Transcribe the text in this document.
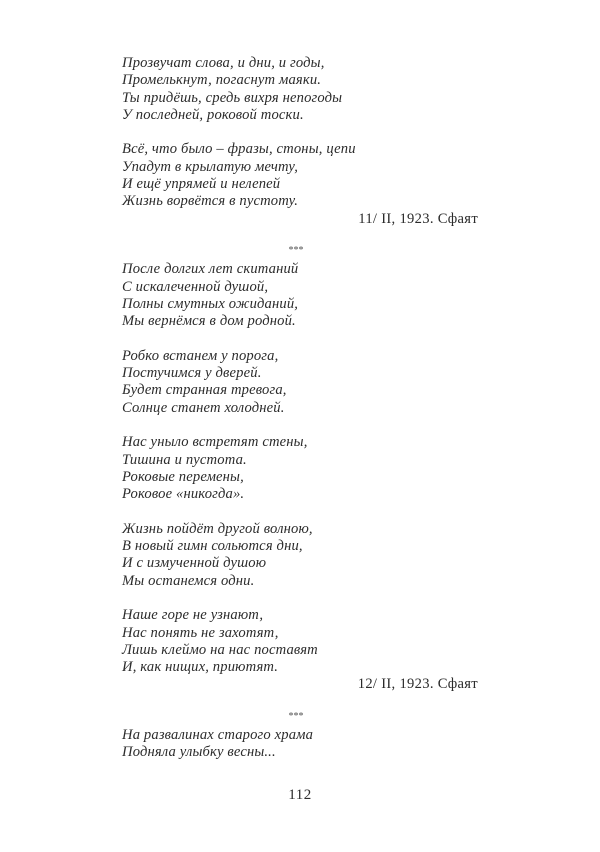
Прозвучат слова, и дни, и годы,
Промелькнут, погаснут маяки.
Ты придёшь, средь вихря непогоды
У последней, роковой тоски.
Всё, что было – фразы, стоны, цепи
Упадут в крылатую мечту,
И ещё упрямей и нелепей
Жизнь ворвётся в пустоту.
11/ II, 1923. Сфаят
***
После долгих лет скитаний
С искалеченной душой,
Полны смутных ожиданий,
Мы вернёмся в дом родной.
Робко встанем у порога,
Постучимся у дверей.
Будет странная тревога,
Солнце станет холодней.
Нас уныло встретят стены,
Тишина и пустота.
Роковые перемены,
Роковое «никогда».
Жизнь пойдёт другой волною,
В новый гимн сольются дни,
И с измученной душою
Мы останемся одни.
Наше горе не узнают,
Нас понять не захотят,
Лишь клеймо на нас поставят
И, как нищих, приютят.
12/ II, 1923. Сфаят
***
На развалинах старого храма
Подняла улыбку весны...
112
